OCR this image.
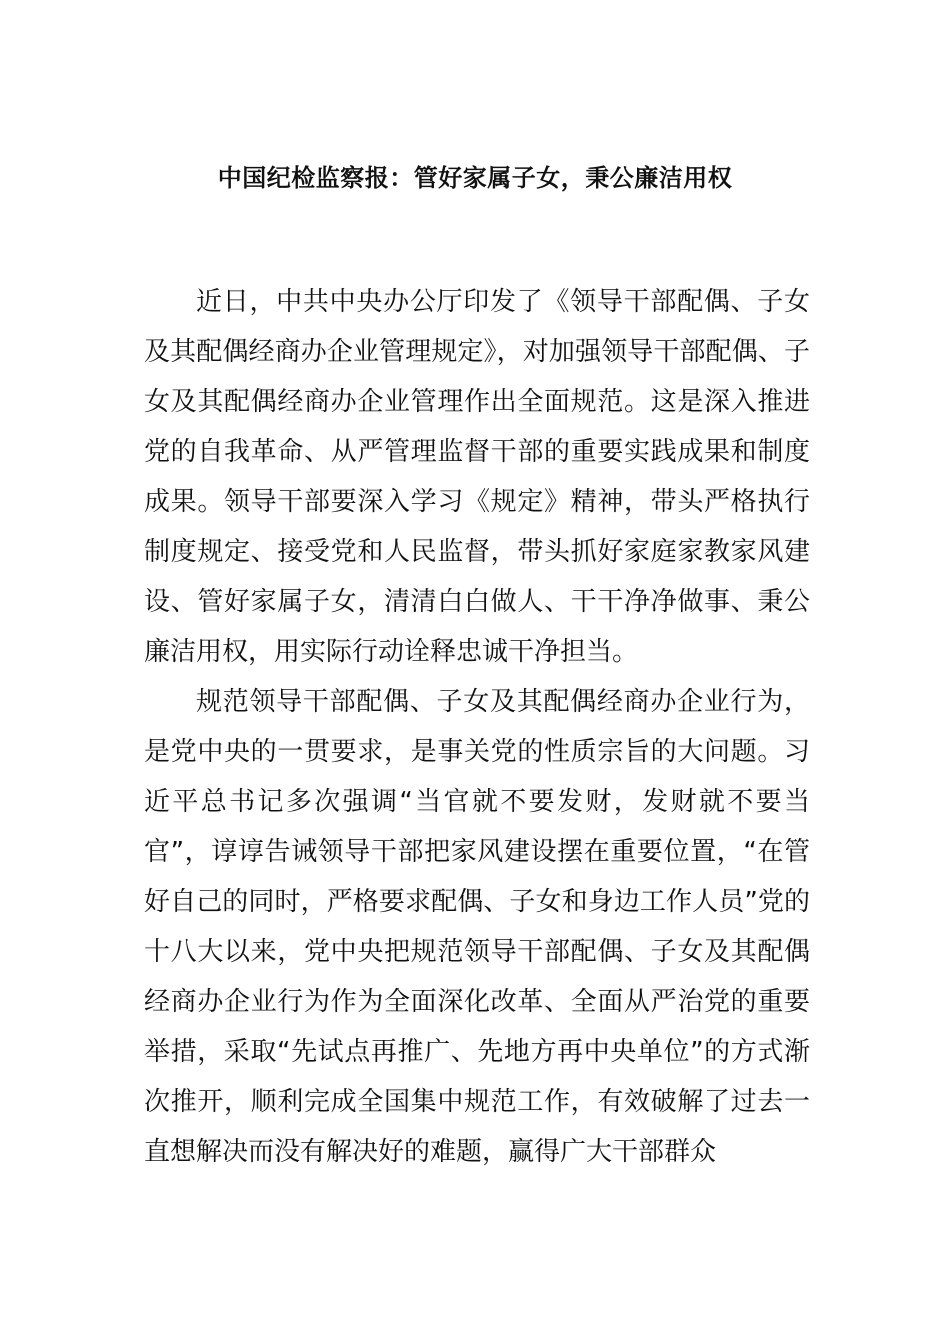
中国纪检监察报：管好家属子女，秉公廉洁用权

近日，中共中央办公厅印发了《领导干部配偶、子女及其配偶经商办企业管理规定》，对加强领导干部配偶、子女及其配偶经商办企业管理作出全面规范。这是深入推进党的自我革命、从严管理监督干部的重要实践成果和制度成果。领导干部要深入学习《规定》精神，带头严格执行制度规定、接受党和人民监督，带头抓好家庭家教家风建设、管好家属子女，清清白白做人、干干净净做事、秉公廉洁用权，用实际行动诠释忠诚干净担当。

规范领导干部配偶、子女及其配偶经商办企业行为，是党中央的一贯要求，是事关党的性质宗旨的大问题。习近平总书记多次强调“当官就不要发财，发财就不要当官”，谆谆告诫领导干部把家风建设摆在重要位置，“在管好自己的同时，严格要求配偶、子女和身边工作人员”党的十八大以来，党中央把规范领导干部配偶、子女及其配偶经商办企业行为作为全面深化改革、全面从严治党的重要举措，采取“先试点再推广、先地方再中央单位”的方式渐次推开，顺利完成全国集中规范工作，有效破解了过去一直想解决而没有解决好的难题，赢得广大干部群众
